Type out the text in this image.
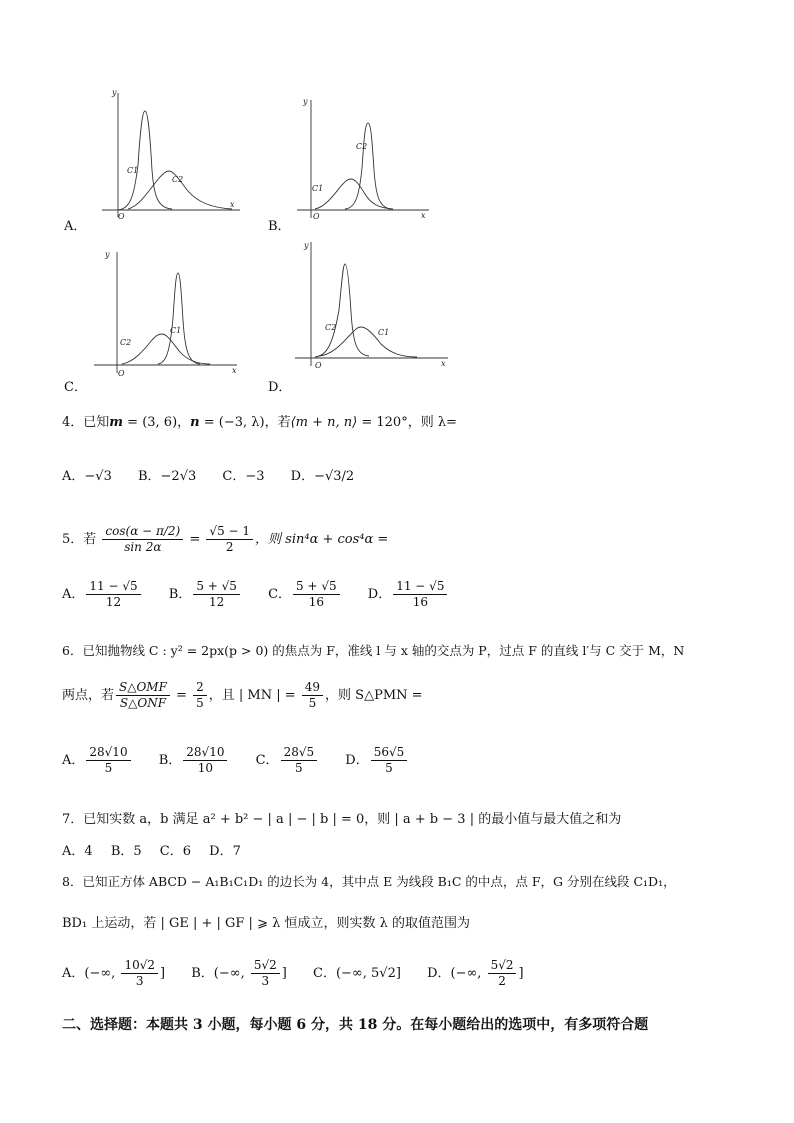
y
x
O
C1
C2
A．
y
x
O
C1
C2
B．
y
x
O
C2
C1
C．
y
x
O
C2
C1
D．
4．已知m = (3, 6)，n = (−3, λ)，若⟨m + n, n⟩ = 120°，则 λ=
A．−√3 B．−2√3 C．−3 D．−√3/2
5．若 $\frac{\cos(\alpha - \pi/2)}{\sin 2\alpha} = \frac{√5 - 1}{2}$ ，则 sin⁴α + cos⁴α =
A． $\frac{11 - √5}{12}$ B． $\frac{5 + √5}{12}$ C． $\frac{5 + √5}{16}$ D． $\frac{11 - √5}{16}$
6．已知抛物线 C : y² = 2px(p > 0) 的焦点为 F，准线 l 与 x 轴的交点为 P，过点 F 的直线 l′与 C 交于 M，N
两点，若 $\frac{\text{S△OMF}}{\text{S△ONF}} = \frac{2}{5}$ ，且 | MN | = $\frac{49}{5}$ ，则 S△PMN =
A． $\frac{28√10}{5}$ B． $\frac{28√10}{10}$ C． $\frac{28√5}{5}$ D． $\frac{56√5}{5}$
7．已知实数 a，b 满足 a² + b² − | a | − | b | = 0，则 | a + b − 3 | 的最小值与最大值之和为
A．4 B．5 C．6 D．7
8．已知正方体 ABCD − A₁B₁C₁D₁ 的边长为 4，其中点 E 为线段 B₁C 的中点，点 F，G 分别在线段 C₁D₁，
BD₁ 上运动，若 | GE | + | GF | ⩾ λ 恒成立，则实数 λ 的取值范围为
A．(−∞, $\frac{10√2}{3}$ ] B．(−∞, $\frac{5√2}{3}$ ] C．(−∞, 5√2] D．(−∞, $\frac{5√2}{2}$ ]
二、选择题：本题共 3 小题，每小题 6 分，共 18 分。在每小题给出的选项中，有多项符合题
